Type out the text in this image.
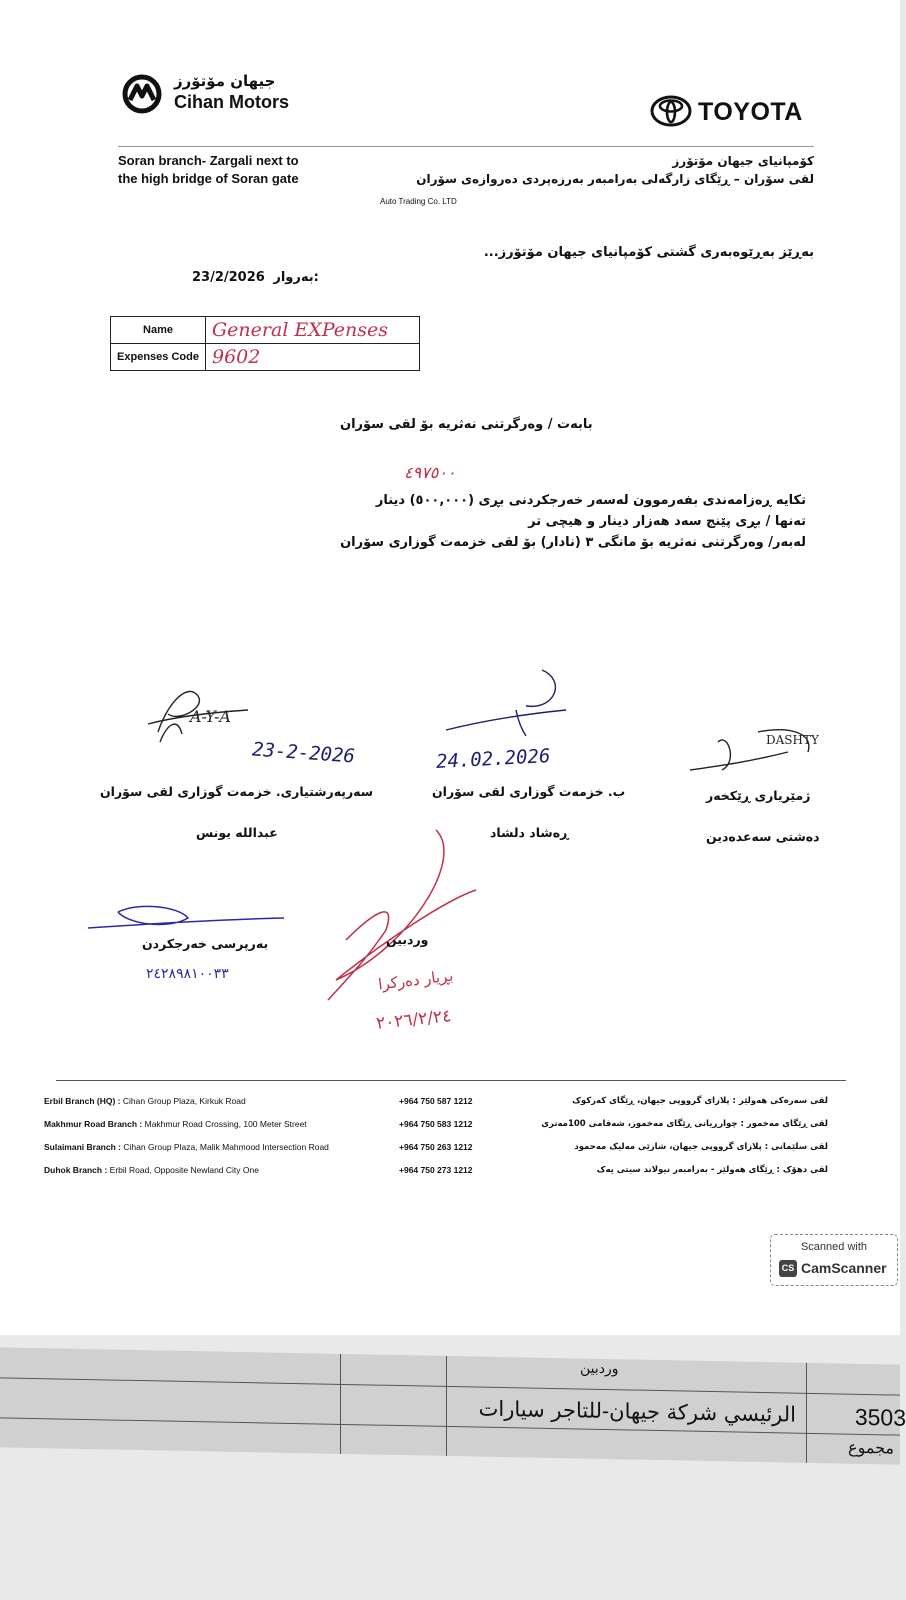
جیهان مۆتۆرز
Cihan Motors	TOYOTA
Soran branch- Zargali next to
the high bridge of Soran gate
کۆمپانیای جیهان مۆتۆرز
لقی سۆران – ڕێگای زارگەلی بەرامبەر بەرزەپردی دەروازەی سۆران
Auto Trading Co. LTD
بەڕێز بەڕێوەبەری گشتی کۆمپانیای جیهان مۆتۆرز...
23/2/2026 بەروار:
Name	General EXPenses
Expenses Code	9602
بابەت / وەرگرتنی نەثریە بۆ لقی سۆران
٤٩٧٥٠٠
تکایە ڕەزامەندی بفەرموون لەسەر خەرجکردنی بڕی (٥٠٠,٠٠٠) دینار
تەنها / بڕی پێنج سەد هەزار دینار و هیچی تر
لەبەر/ وەرگرتنی نەثریە بۆ مانگی ٣ (نادار) بۆ لقی خزمەت گوزاری سۆران
A-Y-A
23-2-2026
سەرپەرشتیاری. خزمەت گوزاری لقی سۆران
عبدالله یونس
24.02.2026
ب. خزمەت گوزاری لقی سۆران
ڕەشاد دلشاد
DASHTY
ژمێریاری ڕێکخەر
دەشتی سەعدەدین
بەرپرسی خەرجکردن
٢٤٢٨٩٨١٠٠٣٣
وردبین
بڕیار دەرکرا
٢٠٢٦/٢/٢٤
Erbil Branch (HQ) : Cihan Group Plaza, Kirkuk Road	+964 750 587 1212	لقی سەرەکی هەولێر : پلازای گرووپی جیهان، ڕێگای کەرکوک
Makhmur Road Branch : Makhmur Road Crossing, 100 Meter Street	+964 750 583 1212	لقی ڕێگای مەخمور : چوارڕیانی ڕێگای مەخمور، شەقامی 100مەتری
Sulaimani Branch : Cihan Group Plaza, Malik Mahmood Intersection Road	+964 750 263 1212	لقی سلێمانی : پلازای گرووپی جیهان، شارێی مەلیک مەحمود
Duhok Branch : Erbil Road, Opposite Newland City One	+964 750 273 1212	لقی دهۆک : ڕێگای هەولێر - بەرامبەر نیولاند سیتی یەک
Scanned with
CS CamScanner
وردبین
الرئيسي شركة جيهان-للتاجر سيارات	3503
مجموع
